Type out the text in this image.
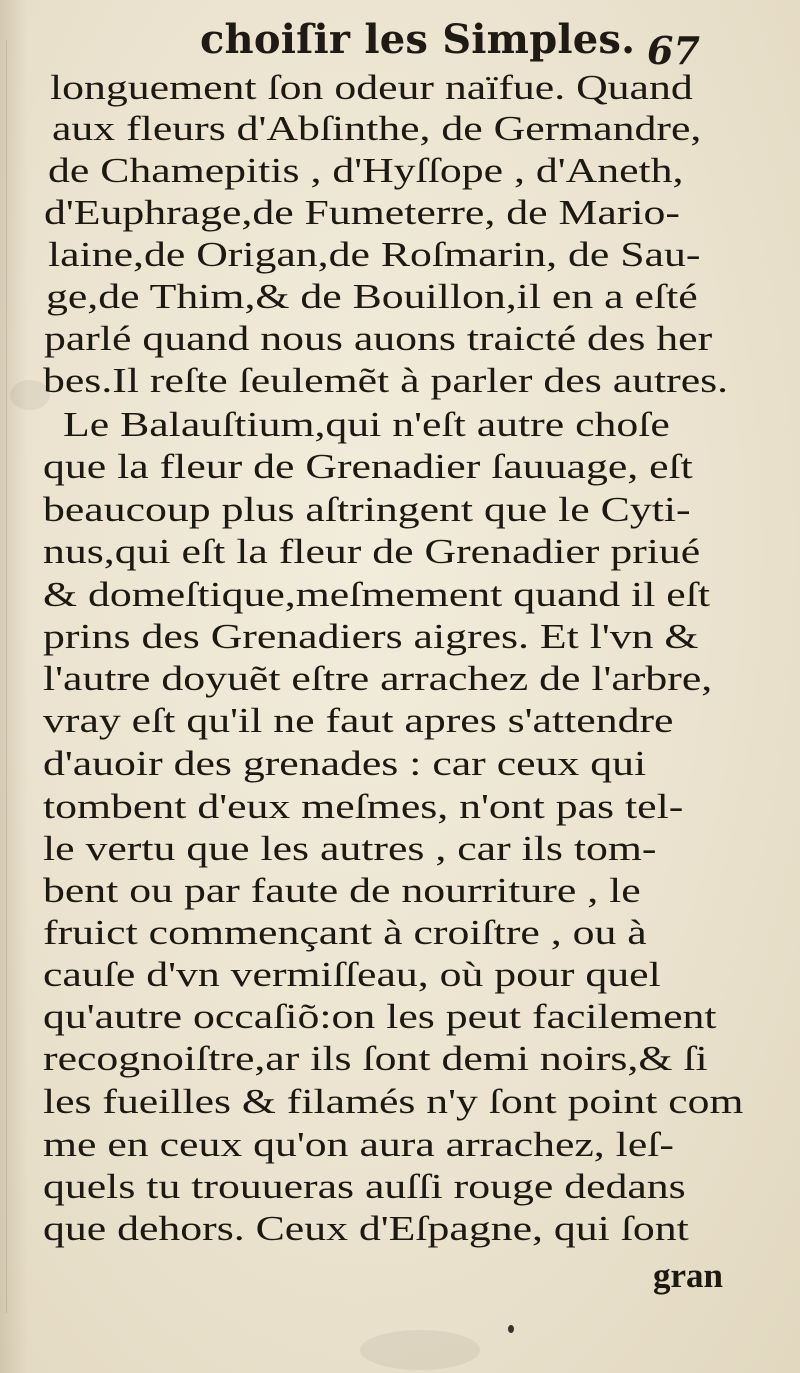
choiſir les Simples. 67
longuement ſon odeur naïfue. Quand
aux fleurs d'Abſinthe, de Germandre,
de Chamepitis , d'Hyſſope , d'Aneth,
d'Euphrage,de Fumeterre, de Mario-
laine,de Origan,de Roſmarin, de Sau-
ge,de Thim,& de Bouillon,il en a eſté
parlé quand nous auons traicté des her
bes.Il reſte ſeulemẽt à parler des autres.
Le Balauſtium,qui n'eſt autre choſe
que la fleur de Grenadier ſauuage, eſt
beaucoup plus aſtringent que le Cyti-
nus,qui eſt la fleur de Grenadier priué
& domeſtique,meſmement quand il eſt
prins des Grenadiers aigres. Et l'vn &
l'autre doyuẽt eſtre arrachez de l'arbre,
vray eſt qu'il ne faut apres s'attendre
d'auoir des grenades : car ceux qui
tombent d'eux meſmes, n'ont pas tel-
le vertu que les autres , car ils tom-
bent ou par faute de nourriture , le
fruict commençant à croiſtre , ou à
cauſe d'vn vermiſſeau, où pour quel
qu'autre occaſiõ:on les peut facilement
recognoiſtre,ar ils ſont demi noirs,& ſi
les fueilles & filamés n'y ſont point com
me en ceux qu'on aura arrachez, leſ-
quels tu trouueras auſſi rouge dedans
que dehors. Ceux d'Eſpagne, qui ſont
gran
